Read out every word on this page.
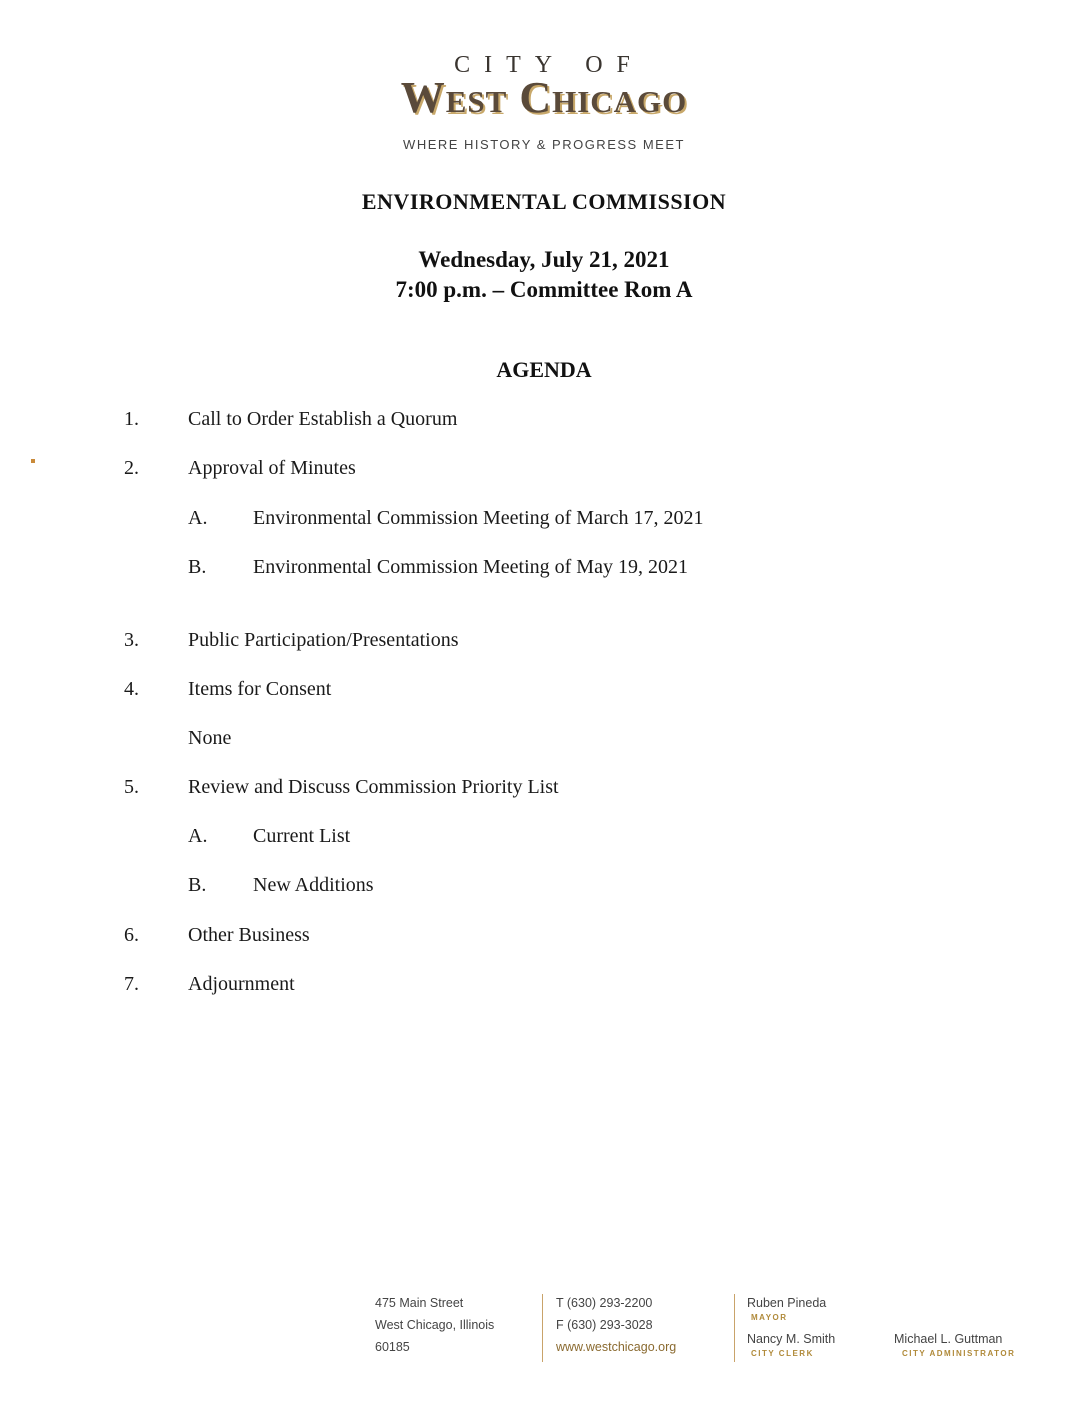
CITY OF
West Chicago
WHERE HISTORY & PROGRESS MEET
ENVIRONMENTAL COMMISSION
Wednesday, July 21, 2021
7:00 p.m. – Committee Rom A
AGENDA
1. Call to Order Establish a Quorum
2. Approval of Minutes
A. Environmental Commission Meeting of March 17, 2021
B. Environmental Commission Meeting of May 19, 2021
3. Public Participation/Presentations
4. Items for Consent
None
5. Review and Discuss Commission Priority List
A. Current List
B. New Additions
6. Other Business
7. Adjournment
475 Main Street
West Chicago, Illinois
60185
T (630) 293-2200
F (630) 293-3028
www.westchicago.org
Ruben Pineda
MAYOR
Nancy M. Smith
CITY CLERK
Michael L. Guttman
CITY ADMINISTRATOR
